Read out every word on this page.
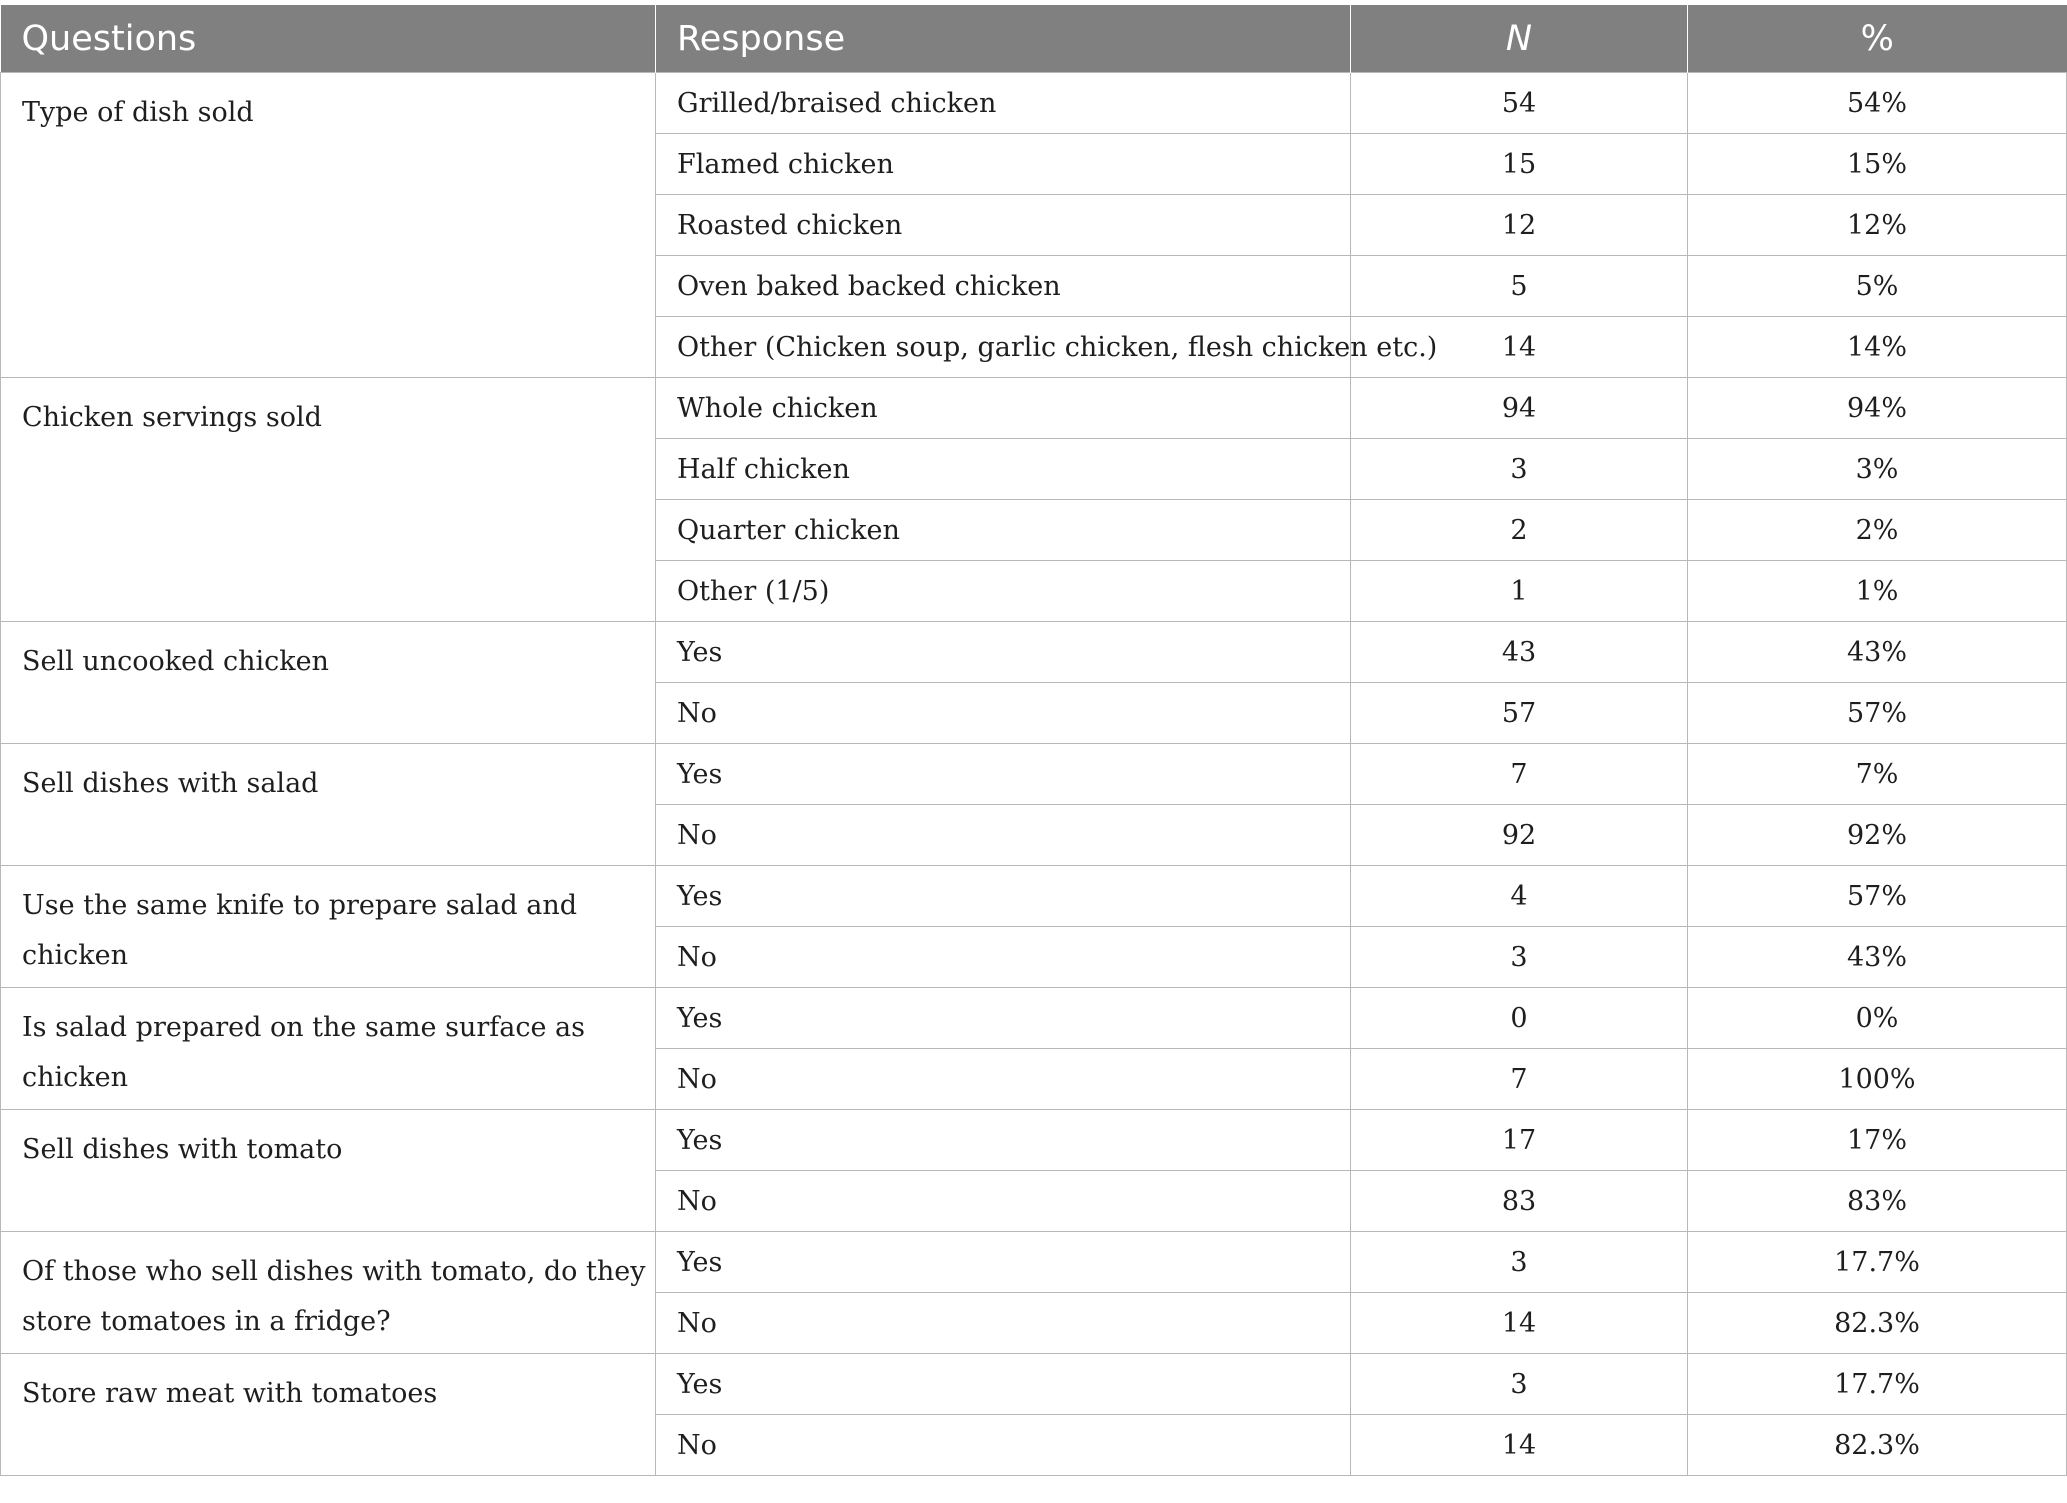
Questions	Response	N	%
Type of dish sold	Grilled/braised chicken	54	54%
	Flamed chicken	15	15%
	Roasted chicken	12	12%
	Oven baked backed chicken	5	5%
	Other (Chicken soup, garlic chicken, flesh chicken etc.)	14	14%
Chicken servings sold	Whole chicken	94	94%
	Half chicken	3	3%
	Quarter chicken	2	2%
	Other (1/5)	1	1%
Sell uncooked chicken	Yes	43	43%
	No	57	57%
Sell dishes with salad	Yes	7	7%
	No	92	92%
Use the same knife to prepare salad and chicken	Yes	4	57%
	No	3	43%
Is salad prepared on the same surface as chicken	Yes	0	0%
	No	7	100%
Sell dishes with tomato	Yes	17	17%
	No	83	83%
Of those who sell dishes with tomato, do they store tomatoes in a fridge?	Yes	3	17.7%
	No	14	82.3%
Store raw meat with tomatoes	Yes	3	17.7%
	No	14	82.3%
